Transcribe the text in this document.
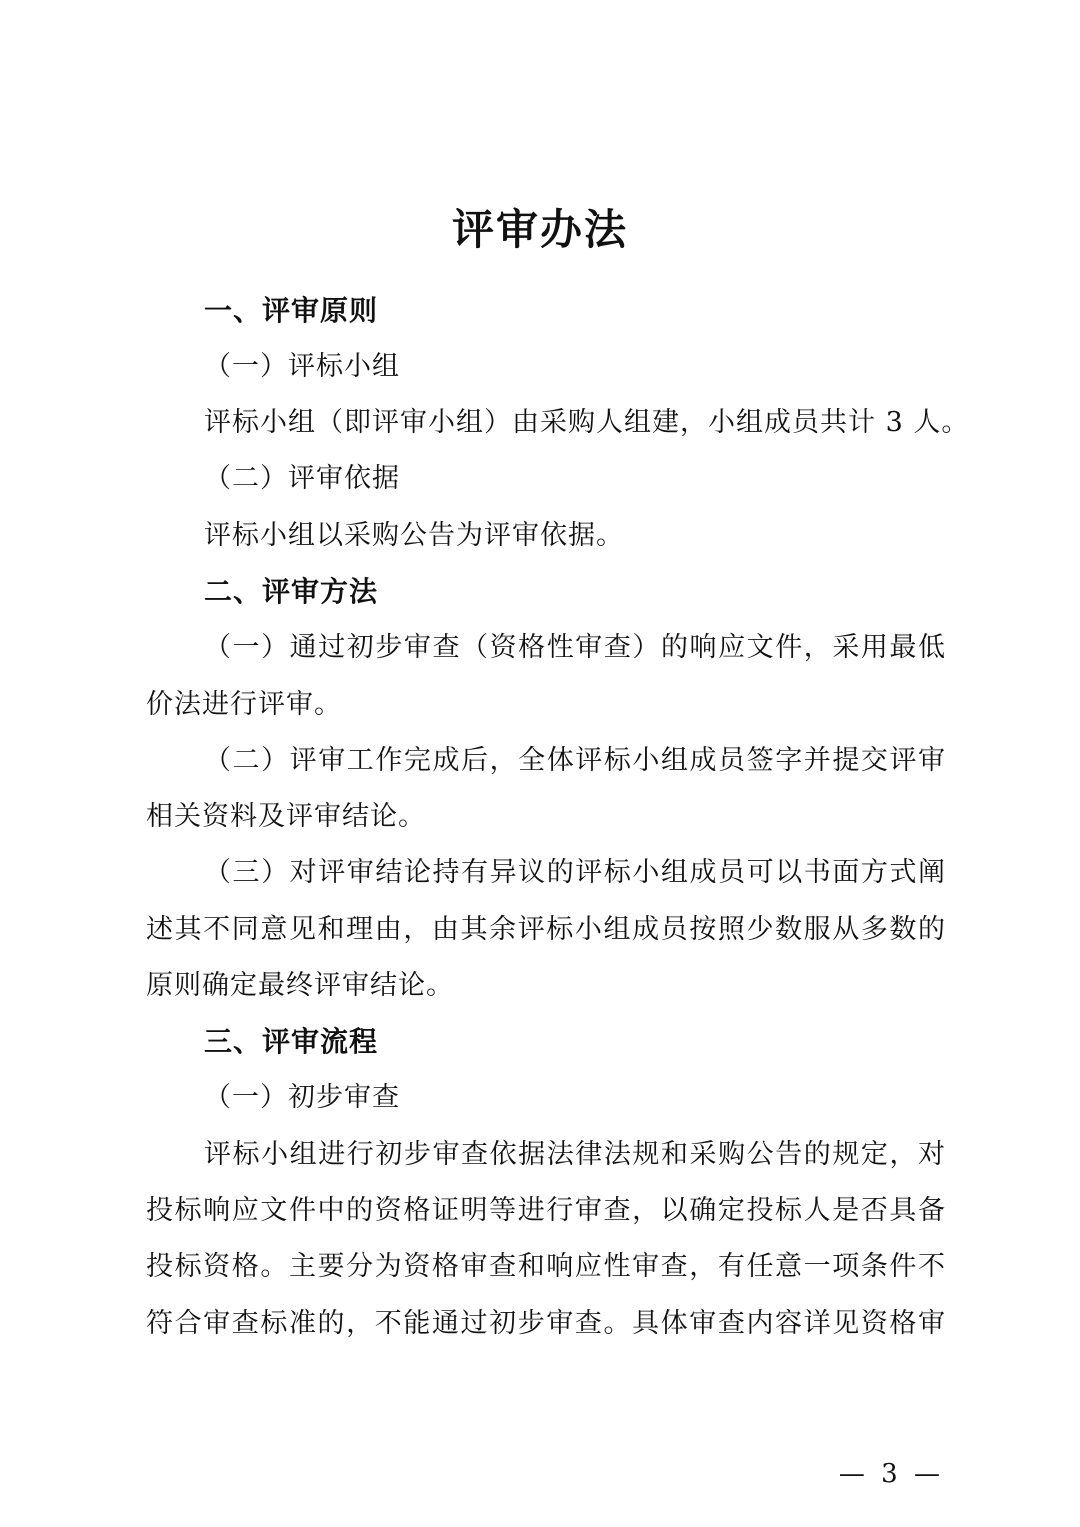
评审办法
一、评审原则
（一）评标小组
评标小组（即评审小组）由采购人组建，小组成员共计 3 人。
（二）评审依据
评标小组以采购公告为评审依据。
二、评审方法
（一）通过初步审查（资格性审查）的响应文件，采用最低
价法进行评审。
（二）评审工作完成后，全体评标小组成员签字并提交评审
相关资料及评审结论。
（三）对评审结论持有异议的评标小组成员可以书面方式阐
述其不同意见和理由，由其余评标小组成员按照少数服从多数的
原则确定最终评审结论。
三、评审流程
（一）初步审查
评标小组进行初步审查依据法律法规和采购公告的规定，对
投标响应文件中的资格证明等进行审查，以确定投标人是否具备
投标资格。主要分为资格审查和响应性审查，有任意一项条件不
符合审查标准的，不能通过初步审查。具体审查内容详见资格审
— 3 —
